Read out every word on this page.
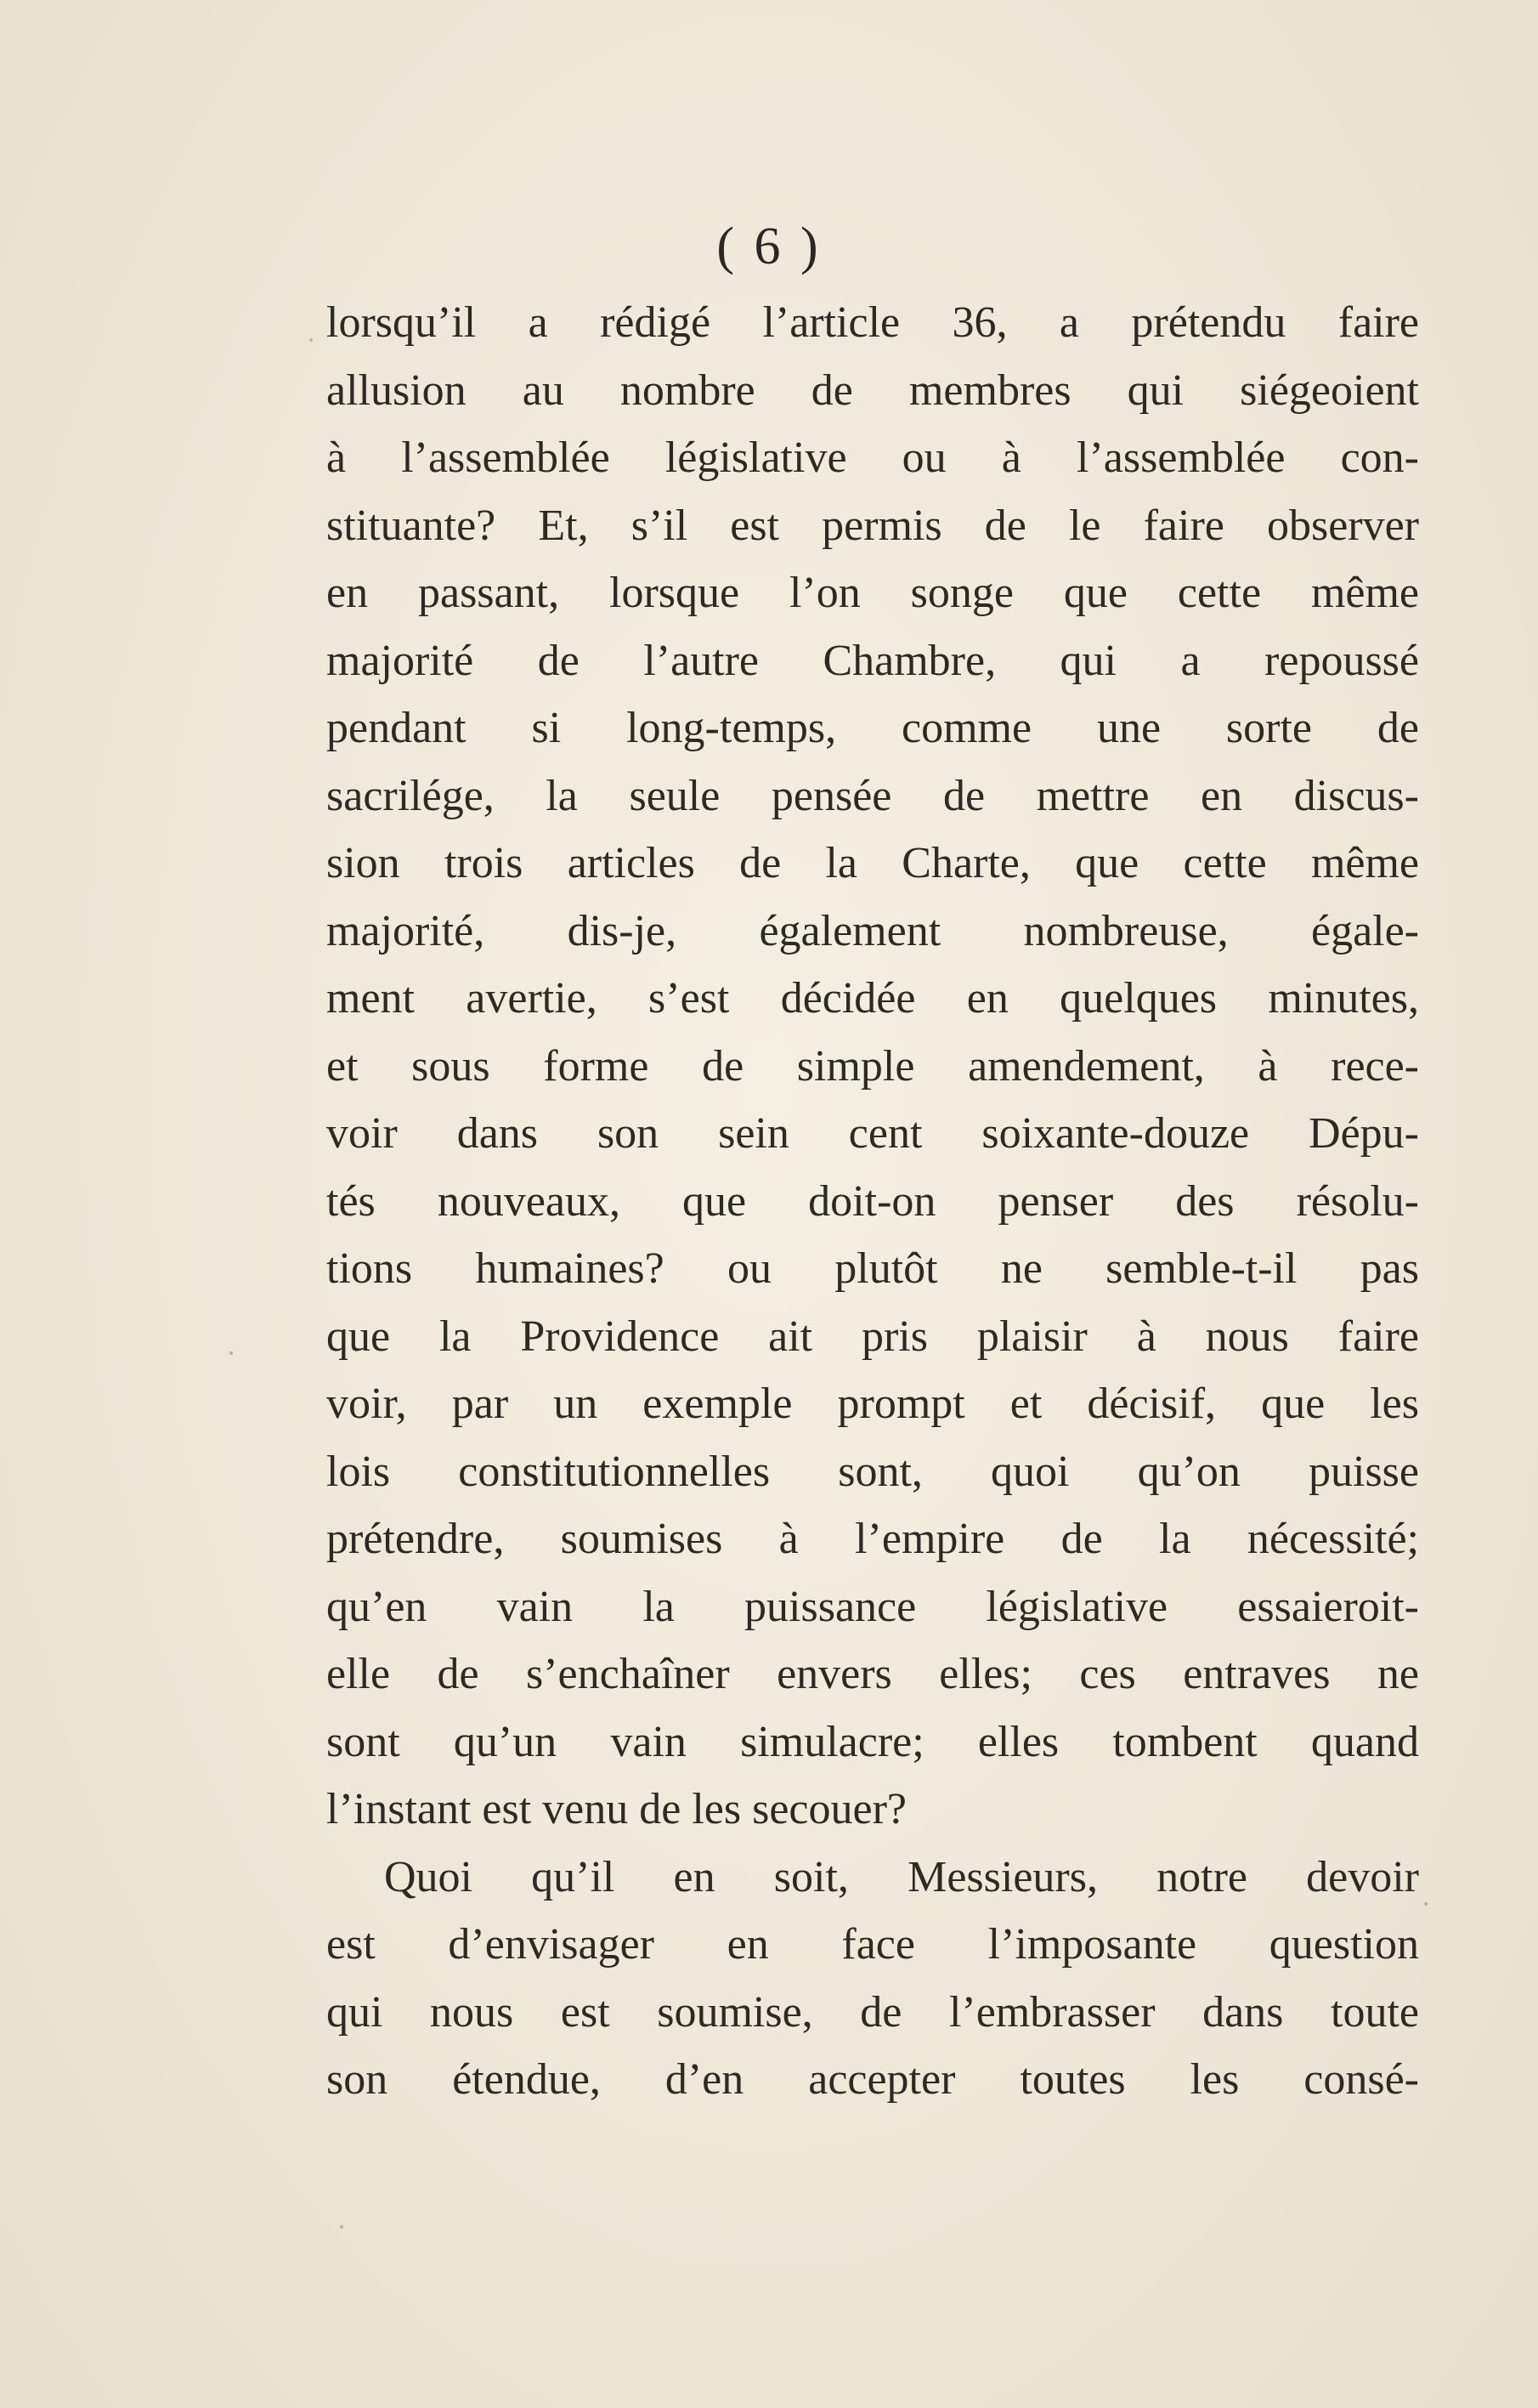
( 6 )
lorsqu’il a rédigé l’article 36, a prétendu faire
allusion au nombre de membres qui siégeoient
à l’assemblée législative ou à l’assemblée con-
stituante? Et, s’il est permis de le faire observer
en passant, lorsque l’on songe que cette même
majorité de l’autre Chambre, qui a repoussé
pendant si long-temps, comme une sorte de
sacrilége, la seule pensée de mettre en discus-
sion trois articles de la Charte, que cette même
majorité, dis-je, également nombreuse, égale-
ment avertie, s’est décidée en quelques minutes,
et sous forme de simple amendement, à rece-
voir dans son sein cent soixante-douze Dépu-
tés nouveaux, que doit-on penser des résolu-
tions humaines? ou plutôt ne semble-t-il pas
que la Providence ait pris plaisir à nous faire
voir, par un exemple prompt et décisif, que les
lois constitutionnelles sont, quoi qu’on puisse
prétendre, soumises à l’empire de la nécessité;
qu’en vain la puissance législative essaieroit-
elle de s’enchaîner envers elles; ces entraves ne
sont qu’un vain simulacre; elles tombent quand
l’instant est venu de les secouer?
Quoi qu’il en soit, Messieurs, notre devoir
est d’envisager en face l’imposante question
qui nous est soumise, de l’embrasser dans toute
son étendue, d’en accepter toutes les consé-
